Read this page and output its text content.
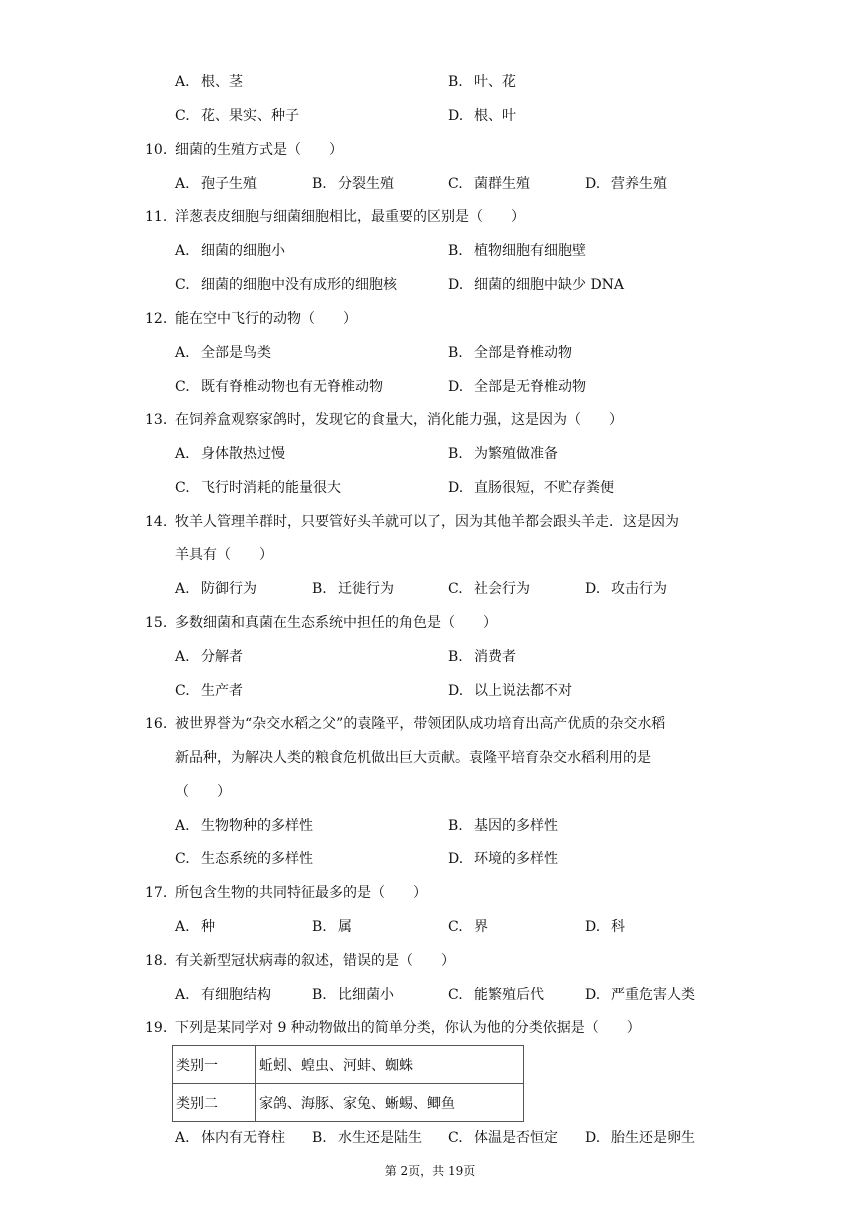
A. 根、茎	B. 叶、花
C. 花、果实、种子	D. 根、叶
10. 细菌的生殖方式是（　　）
A. 孢子生殖	B. 分裂生殖	C. 菌群生殖	D. 营养生殖
11. 洋葱表皮细胞与细菌细胞相比，最重要的区别是（　　）
A. 细菌的细胞小	B. 植物细胞有细胞壁
C. 细菌的细胞中没有成形的细胞核	D. 细菌的细胞中缺少 DNA
12. 能在空中飞行的动物（　　）
A. 全部是鸟类	B. 全部是脊椎动物
C. 既有脊椎动物也有无脊椎动物	D. 全部是无脊椎动物
13. 在饲养盒观察家鸽时，发现它的食量大，消化能力强，这是因为（　　）
A. 身体散热过慢	B. 为繁殖做准备
C. 飞行时消耗的能量很大	D. 直肠很短，不贮存粪便
14. 牧羊人管理羊群时，只要管好头羊就可以了，因为其他羊都会跟头羊走．这是因为
羊具有（　　）
A. 防御行为	B. 迁徙行为	C. 社会行为	D. 攻击行为
15. 多数细菌和真菌在生态系统中担任的角色是（　　）
A. 分解者	B. 消费者
C. 生产者	D. 以上说法都不对
16. 被世界誉为“杂交水稻之父”的袁隆平，带领团队成功培育出高产优质的杂交水稻
新品种，为解决人类的粮食危机做出巨大贡献。袁隆平培育杂交水稻利用的是
（　　）
A. 生物物种的多样性	B. 基因的多样性
C. 生态系统的多样性	D. 环境的多样性
17. 所包含生物的共同特征最多的是（　　）
A. 种	B. 属	C. 界	D. 科
18. 有关新型冠状病毒的叙述，错误的是（　　）
A. 有细胞结构	B. 比细菌小	C. 能繁殖后代	D. 严重危害人类
19. 下列是某同学对 9 种动物做出的简单分类，你认为他的分类依据是（　　）
类别一	蚯蚓、蝗虫、河蚌、蜘蛛
类别二	家鸽、海豚、家兔、蜥蜴、鲫鱼
A. 体内有无脊柱 B. 水生还是陆生 C. 体温是否恒定 D. 胎生还是卵生
第 2页，共 19页
